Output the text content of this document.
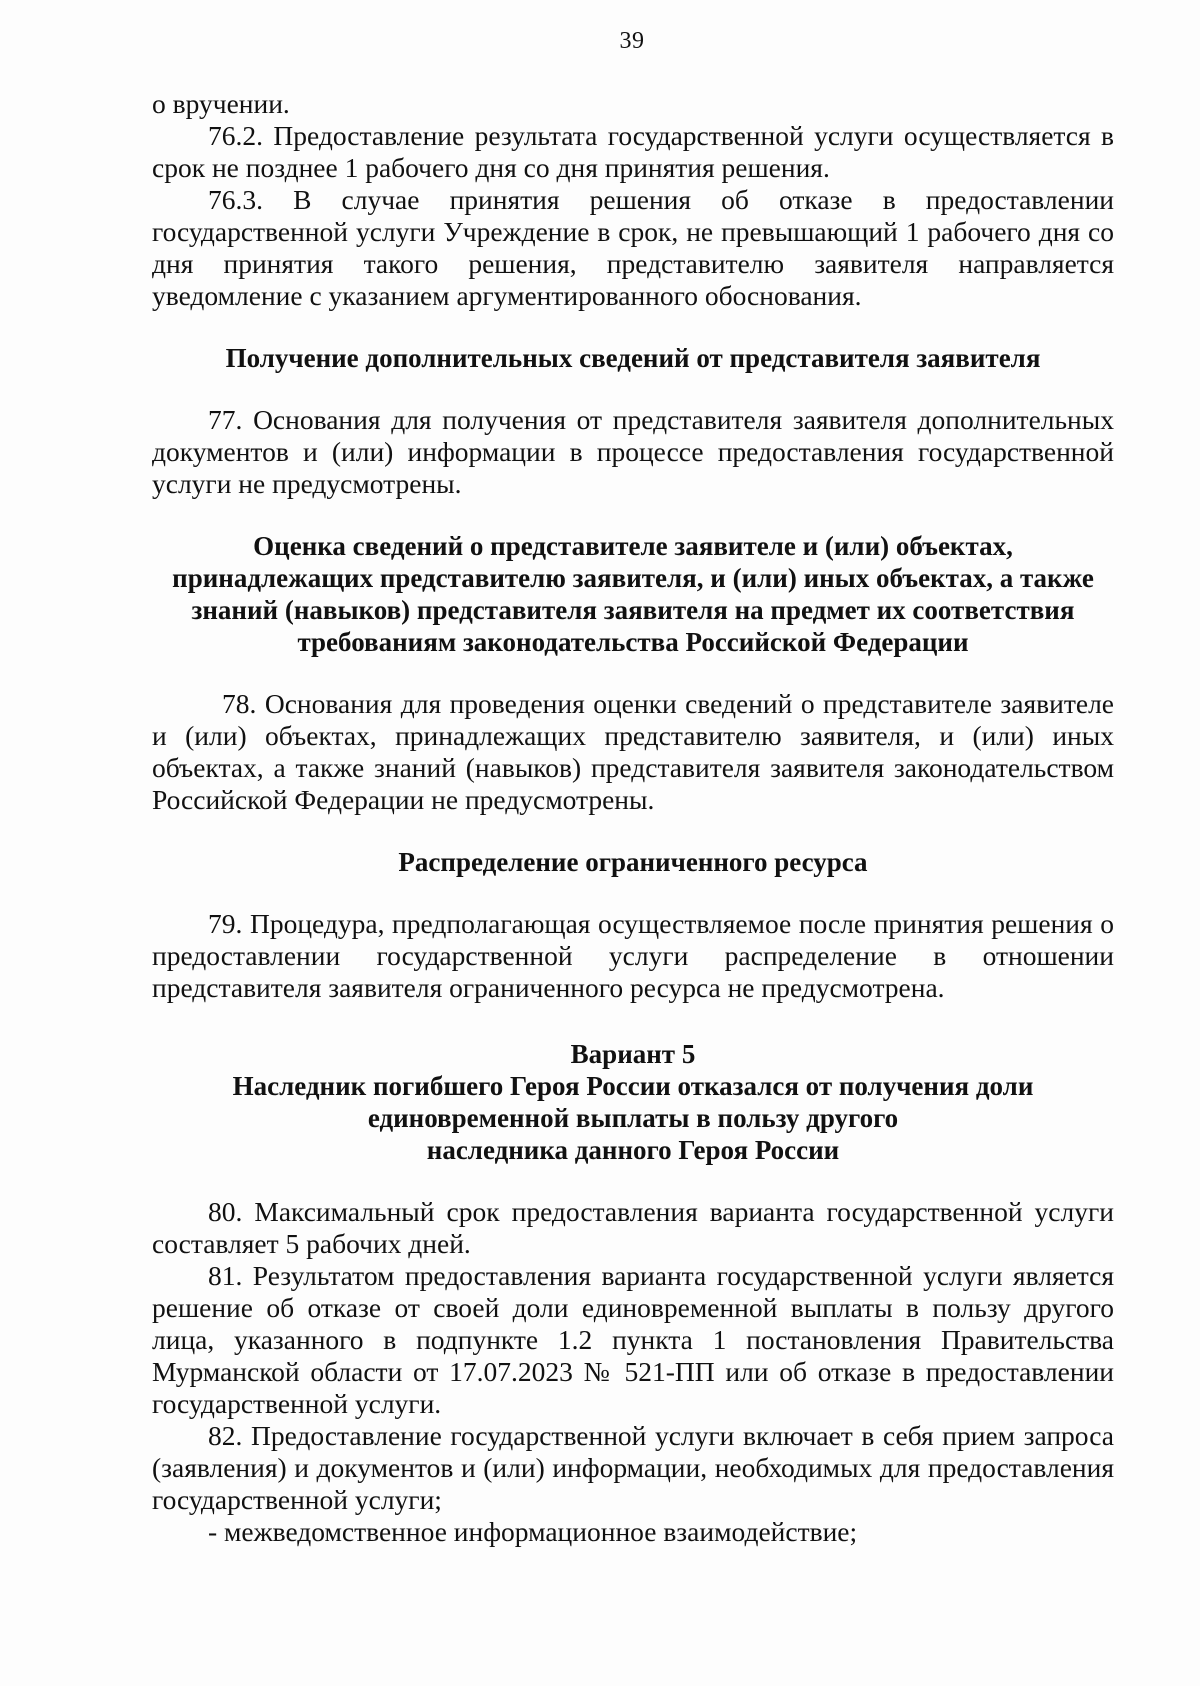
39

о вручении.

76.2. Предоставление результата государственной услуги осуществляется в срок не позднее 1 рабочего дня со дня принятия решения.

76.3. В случае принятия решения об отказе в предоставлении государственной услуги Учреждение в срок, не превышающий 1 рабочего дня со дня принятия такого решения, представителю заявителя направляется уведомление с указанием аргументированного обоснования.

Получение дополнительных сведений от представителя заявителя

77. Основания для получения от представителя заявителя дополнительных документов и (или) информации в процессе предоставления государственной услуги не предусмотрены.

Оценка сведений о представителе заявителе и (или) объектах,
принадлежащих представителю заявителя, и (или) иных объектах, а также
знаний (навыков) представителя заявителя на предмет их соответствия
требованиям законодательства Российской Федерации

78. Основания для проведения оценки сведений о представителе заявителе и (или) объектах, принадлежащих представителю заявителя, и (или) иных объектах, а также знаний (навыков) представителя заявителя законодательством Российской Федерации не предусмотрены.

Распределение ограниченного ресурса

79. Процедура, предполагающая осуществляемое после принятия решения о предоставлении государственной услуги распределение в отношении представителя заявителя ограниченного ресурса не предусмотрена.

Вариант 5
Наследник погибшего Героя России отказался от получения доли
единовременной выплаты в пользу другого
наследника данного Героя России

80. Максимальный срок предоставления варианта государственной услуги составляет 5 рабочих дней.

81. Результатом предоставления варианта государственной услуги является решение об отказе от своей доли единовременной выплаты в пользу другого лица, указанного в подпункте 1.2 пункта 1 постановления Правительства Мурманской области от 17.07.2023 № 521-ПП или об отказе в предоставлении государственной услуги.

82. Предоставление государственной услуги включает в себя прием запроса (заявления) и документов и (или) информации, необходимых для предоставления государственной услуги;

- межведомственное информационное взаимодействие;
